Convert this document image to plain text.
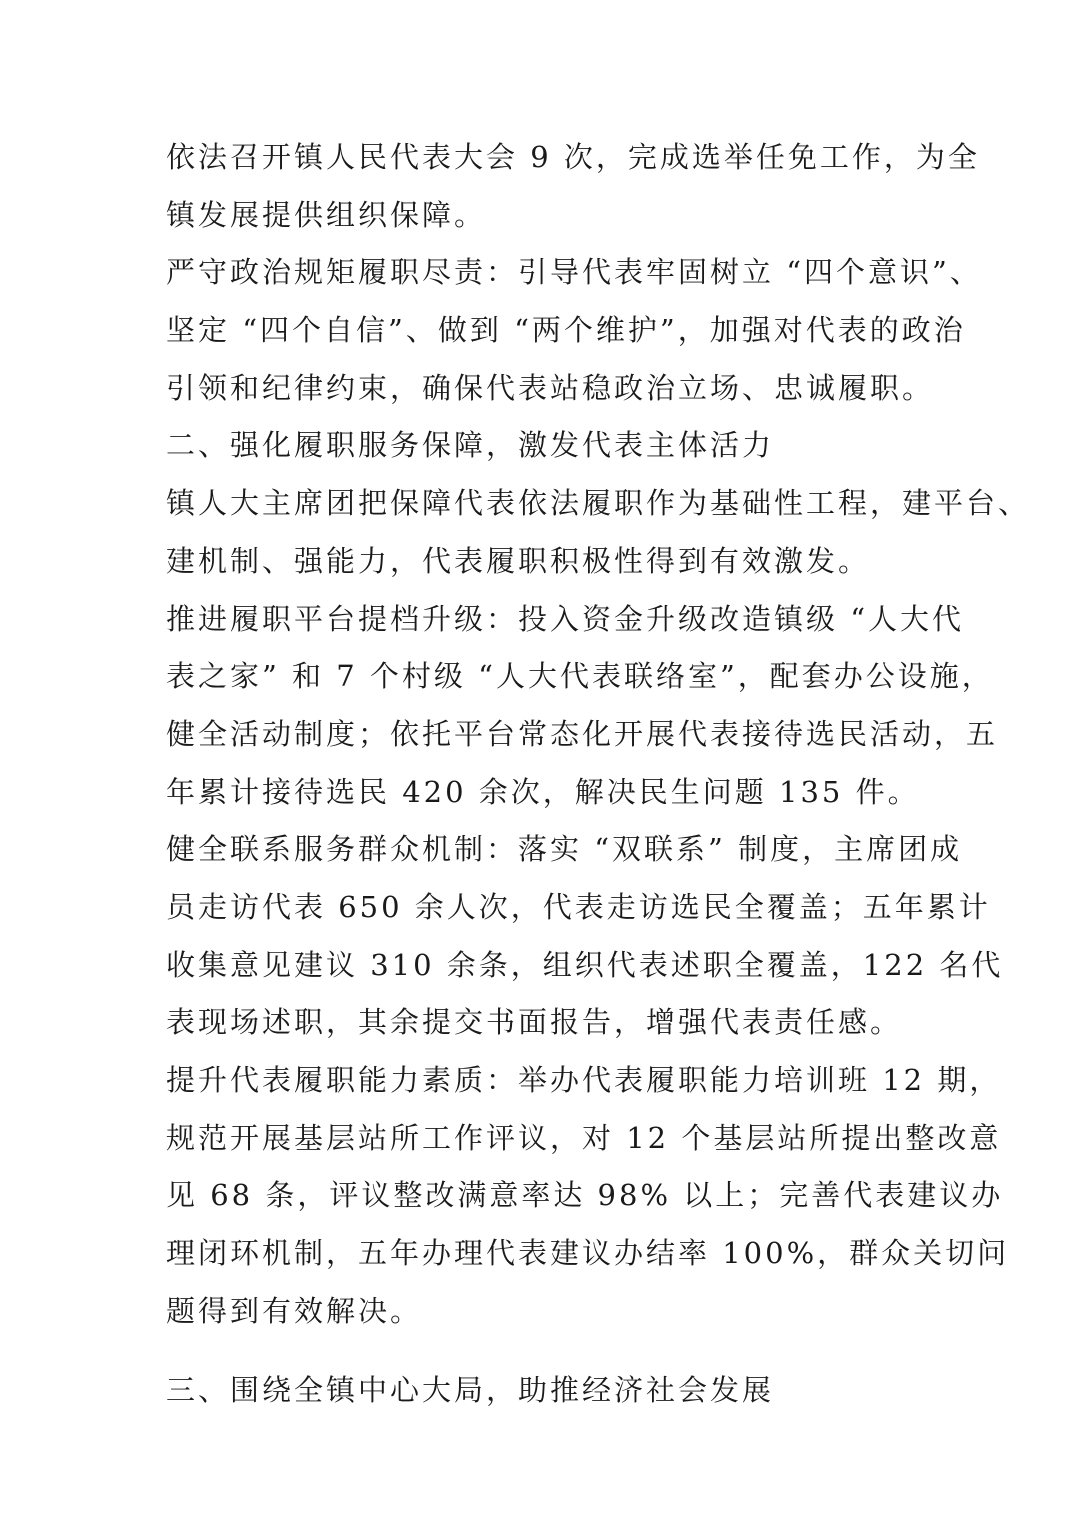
依法召开镇人民代表大会 9 次，完成选举任免工作，为全
镇发展提供组织保障。
严守政治规矩履职尽责：引导代表牢固树立 “四个意识”、
坚定 “四个自信”、做到 “两个维护”，加强对代表的政治
引领和纪律约束，确保代表站稳政治立场、忠诚履职。
二、强化履职服务保障，激发代表主体活力
镇人大主席团把保障代表依法履职作为基础性工程，建平台、
建机制、强能力，代表履职积极性得到有效激发。
推进履职平台提档升级：投入资金升级改造镇级 “人大代
表之家” 和 7 个村级 “人大代表联络室”，配套办公设施，
健全活动制度；依托平台常态化开展代表接待选民活动，五
年累计接待选民 420 余次，解决民生问题 135 件。
健全联系服务群众机制：落实 “双联系” 制度，主席团成
员走访代表 650 余人次，代表走访选民全覆盖；五年累计
收集意见建议 310 余条，组织代表述职全覆盖，122 名代
表现场述职，其余提交书面报告，增强代表责任感。
提升代表履职能力素质：举办代表履职能力培训班 12 期，
规范开展基层站所工作评议，对 12 个基层站所提出整改意
见 68 条，评议整改满意率达 98% 以上；完善代表建议办
理闭环机制，五年办理代表建议办结率 100%，群众关切问
题得到有效解决。
三、围绕全镇中心大局，助推经济社会发展
